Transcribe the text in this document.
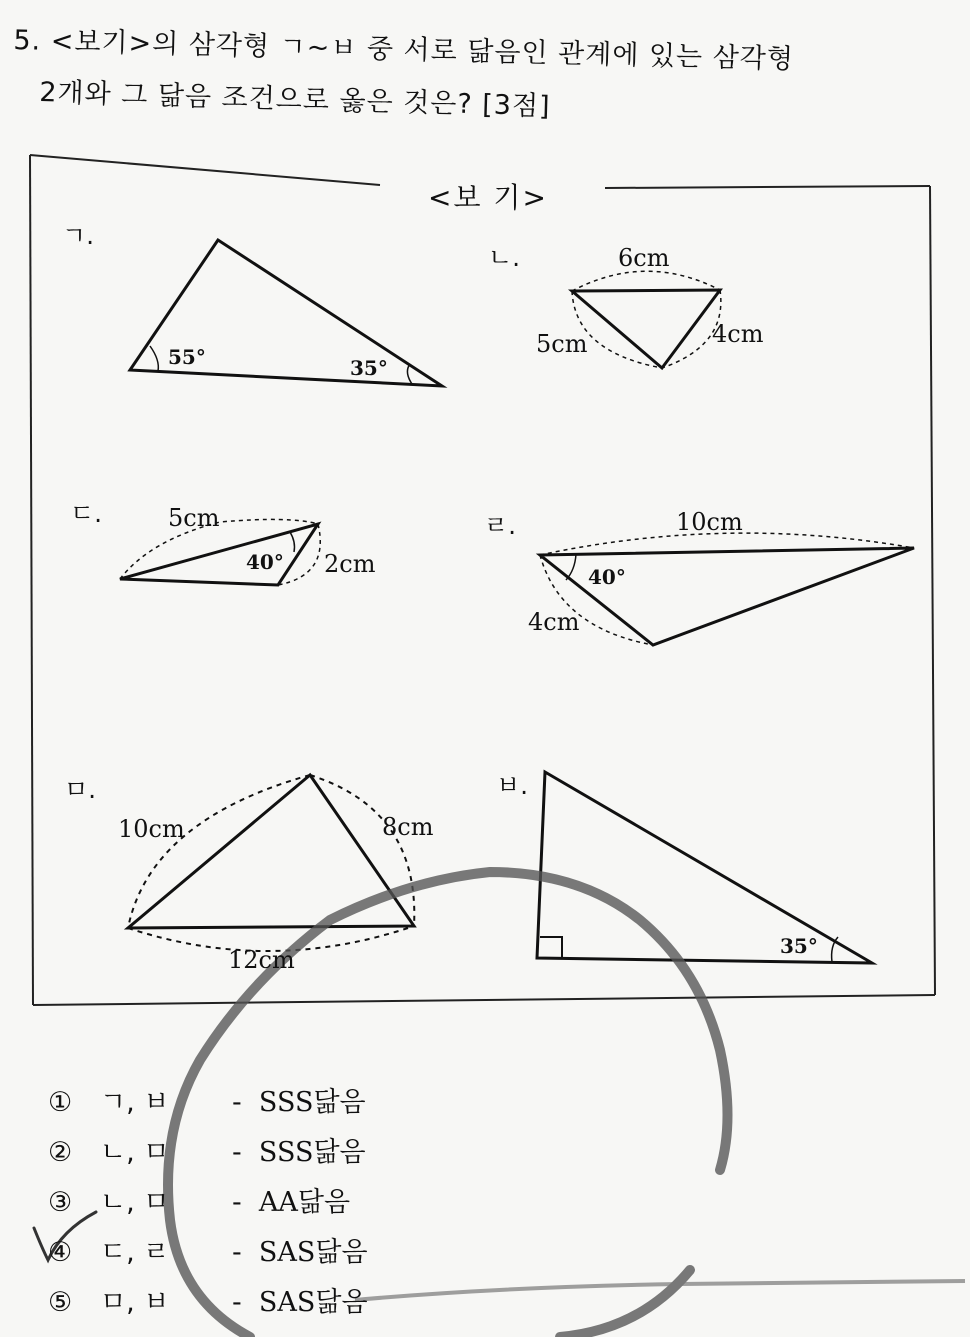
5. <보기>의 삼각형 ㄱ~ㅂ 중 서로 닮음인 관계에 있는 삼각형
2개와 그 닮음 조건으로 옳은 것은? [3점]
<보 기>
ㄱ.
55°	35°
ㄴ.	6cm
5cm	4cm
ㄷ.	5cm
2cm
40°
ㄹ.	10cm
4cm
40°
ㅁ.
10cm	8cm
12cm
ㅂ.
35°
① ㄱ, ㅂ - SSS닮음
② ㄴ, ㅁ - SSS닮음
③ ㄴ, ㅁ - AA닮음
④ ㄷ, ㄹ - SAS닮음
⑤ ㅁ, ㅂ - SAS닮음
